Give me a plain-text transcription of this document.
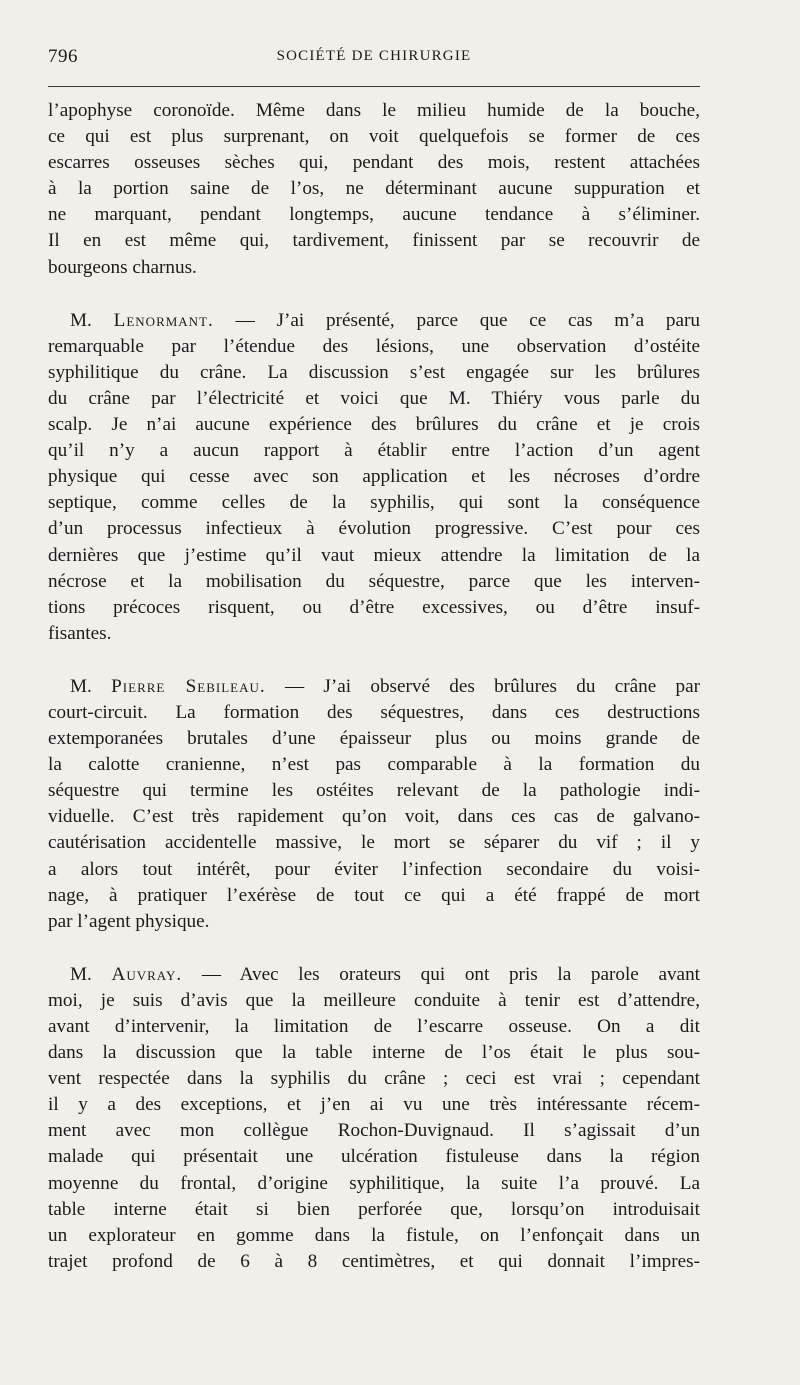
796	SOCIÉTÉ DE CHIRURGIE
l’apophyse coronoïde. Même dans le milieu humide de la bouche,
ce qui est plus surprenant, on voit quelquefois se former de ces
escarres osseuses sèches qui, pendant des mois, restent attachées
à la portion saine de l’os, ne déterminant aucune suppuration et
ne marquant, pendant longtemps, aucune tendance à s’éliminer.
Il en est même qui, tardivement, finissent par se recouvrir de
bourgeons charnus.
M. Lenormant. — J’ai présenté, parce que ce cas m’a paru
remarquable par l’étendue des lésions, une observation d’ostéite
syphilitique du crâne. La discussion s’est engagée sur les brûlures
du crâne par l’électricité et voici que M. Thiéry vous parle du
scalp. Je n’ai aucune expérience des brûlures du crâne et je crois
qu’il n’y a aucun rapport à établir entre l’action d’un agent
physique qui cesse avec son application et les nécroses d’ordre
septique, comme celles de la syphilis, qui sont la conséquence
d’un processus infectieux à évolution progressive. C’est pour ces
dernières que j’estime qu’il vaut mieux attendre la limitation de la
nécrose et la mobilisation du séquestre, parce que les interven-
tions précoces risquent, ou d’être excessives, ou d’être insuf-
fisantes.
M. Pierre Sebileau. — J’ai observé des brûlures du crâne par
court-circuit. La formation des séquestres, dans ces destructions
extemporanées brutales d’une épaisseur plus ou moins grande de
la calotte cranienne, n’est pas comparable à la formation du
séquestre qui termine les ostéites relevant de la pathologie indi-
viduelle. C’est très rapidement qu’on voit, dans ces cas de galvano-
cautérisation accidentelle massive, le mort se séparer du vif ; il y
a alors tout intérêt, pour éviter l’infection secondaire du voisi-
nage, à pratiquer l’exérèse de tout ce qui a été frappé de mort
par l’agent physique.
M. Auvray. — Avec les orateurs qui ont pris la parole avant
moi, je suis d’avis que la meilleure conduite à tenir est d’attendre,
avant d’intervenir, la limitation de l’escarre osseuse. On a dit
dans la discussion que la table interne de l’os était le plus sou-
vent respectée dans la syphilis du crâne ; ceci est vrai ; cependant
il y a des exceptions, et j’en ai vu une très intéressante récem-
ment avec mon collègue Rochon-Duvignaud. Il s’agissait d’un
malade qui présentait une ulcération fistuleuse dans la région
moyenne du frontal, d’origine syphilitique, la suite l’a prouvé. La
table interne était si bien perforée que, lorsqu’on introduisait
un explorateur en gomme dans la fistule, on l’enfonçait dans un
trajet profond de 6 à 8 centimètres, et qui donnait l’impres-
